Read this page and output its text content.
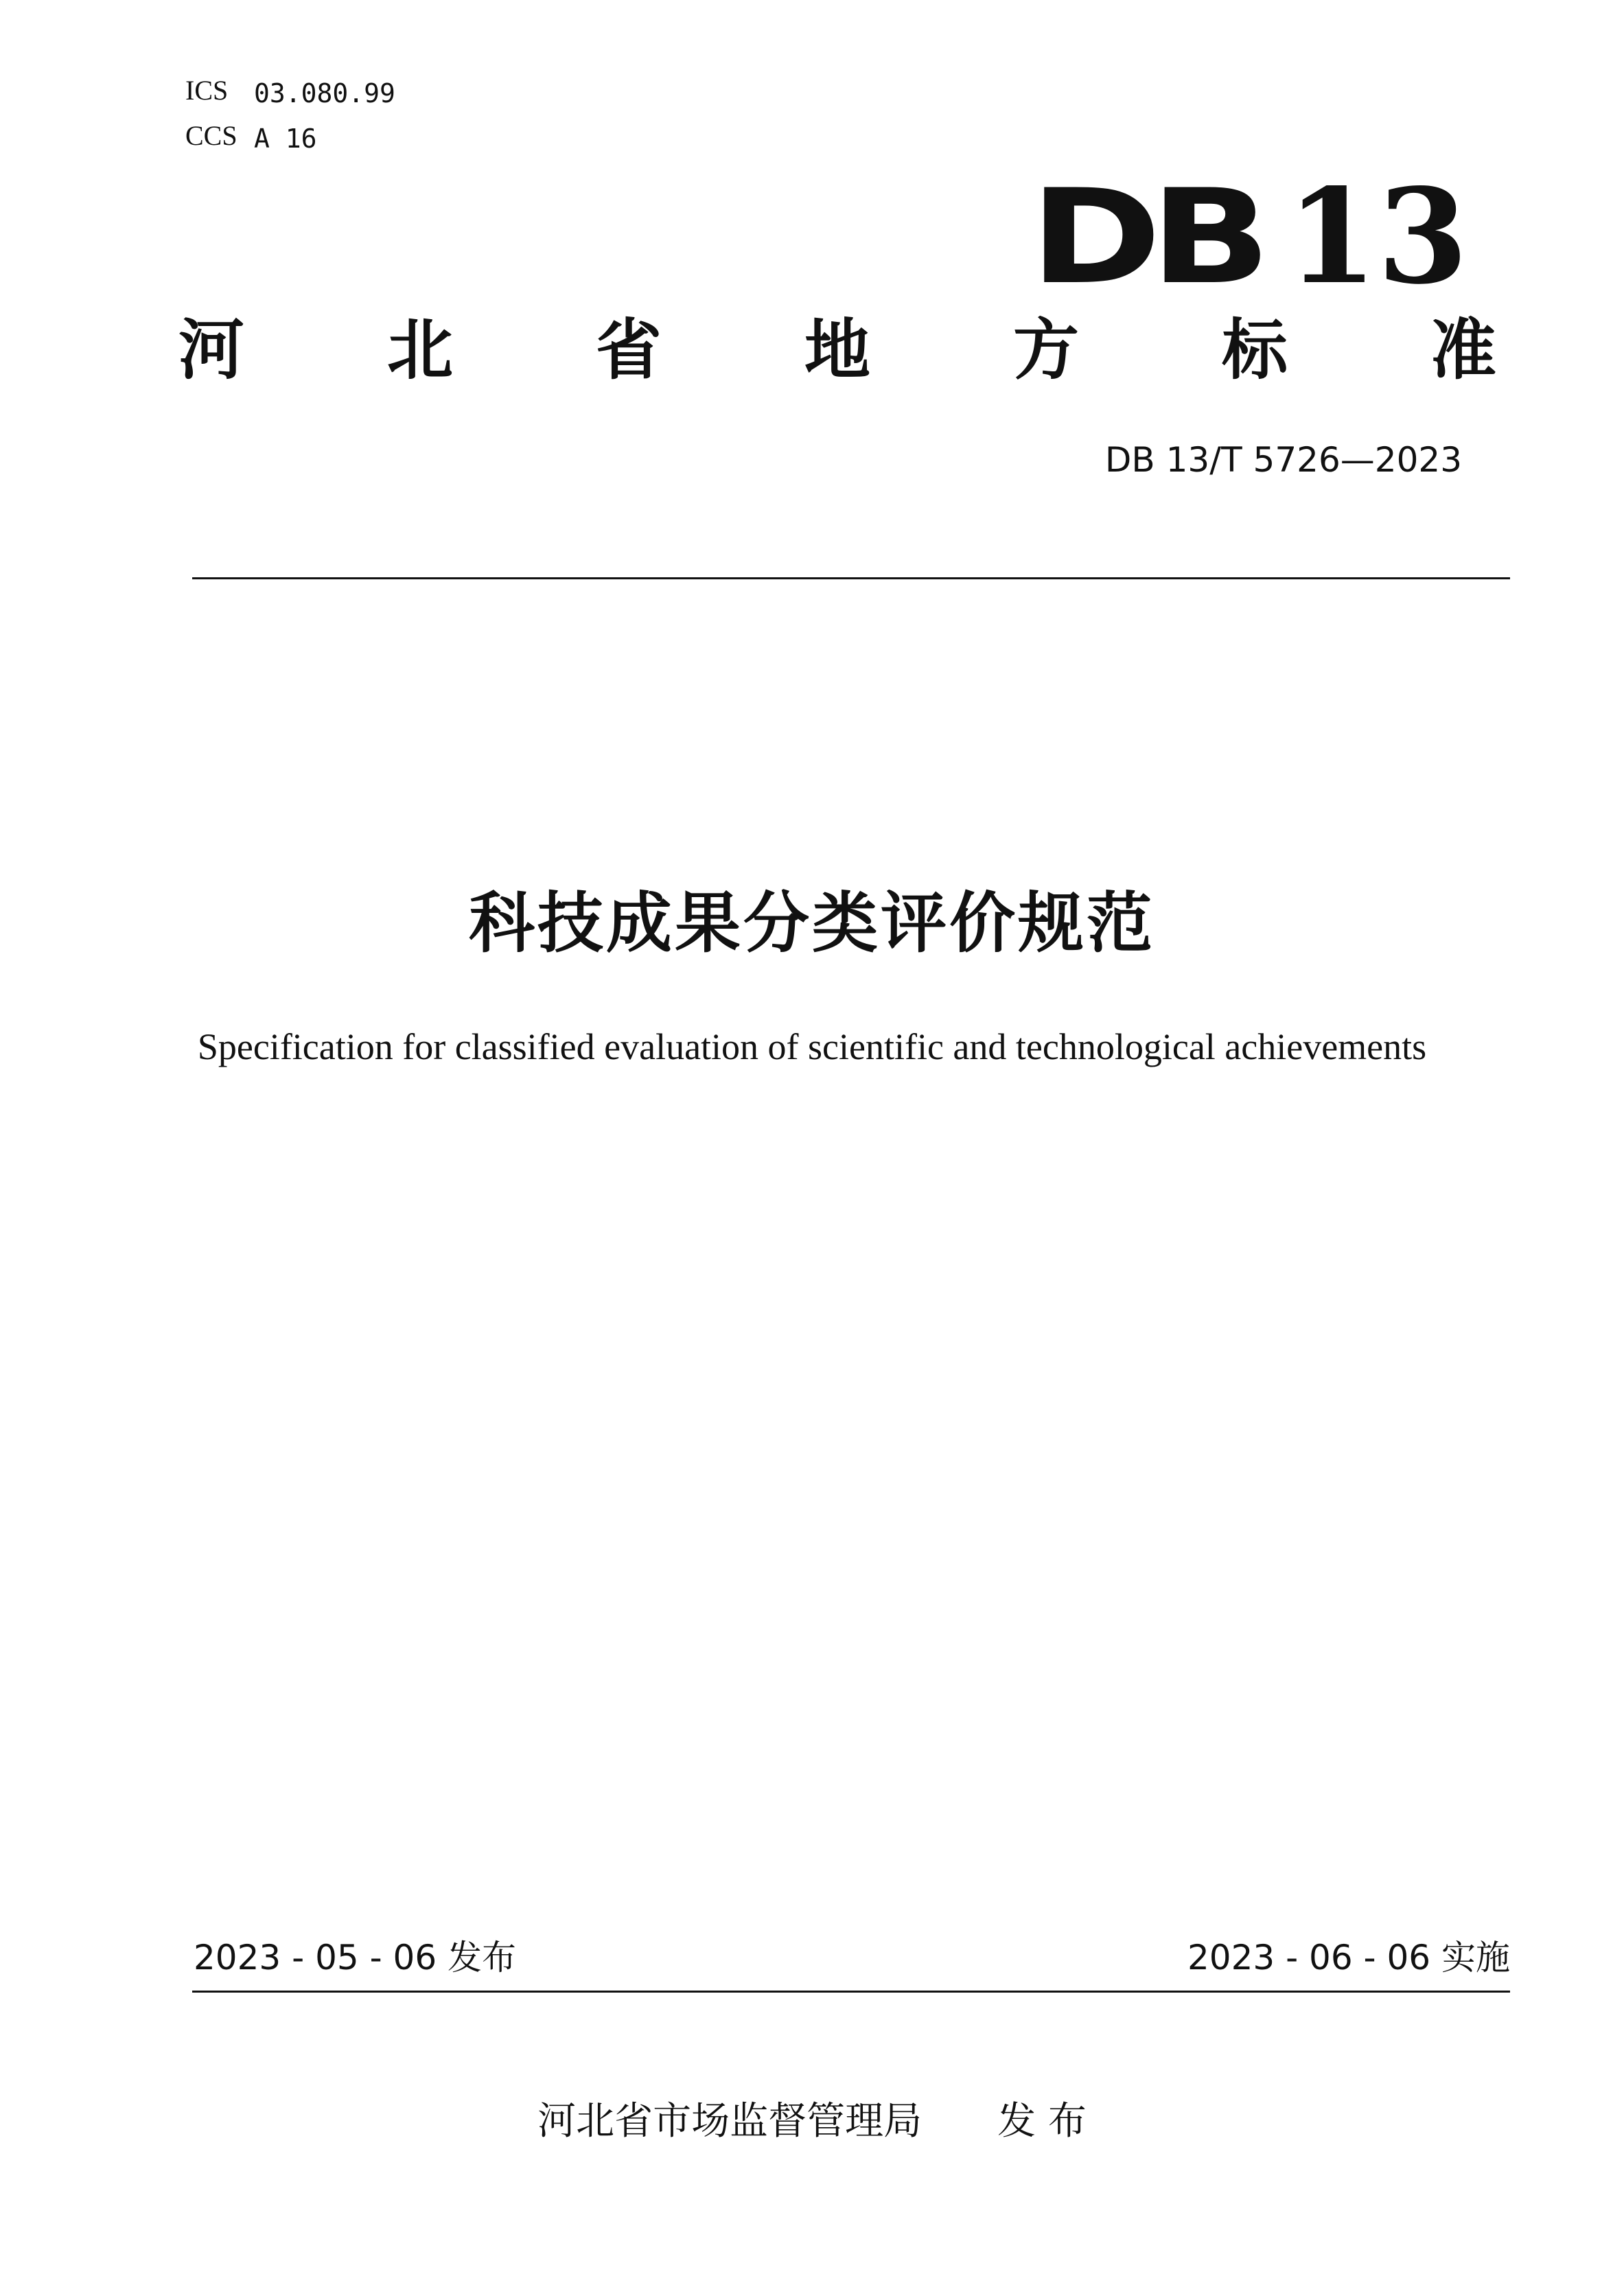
ICS 03.080.99
CCS A 16
DB 13
河 北 省 地 方 标 准
DB 13/T 5726—2023
科技成果分类评价规范
Specification for classified evaluation of scientific and technological achievements
2023 - 05 - 06 发布	2023 - 06 - 06 实施
河北省市场监督管理局 发 布
